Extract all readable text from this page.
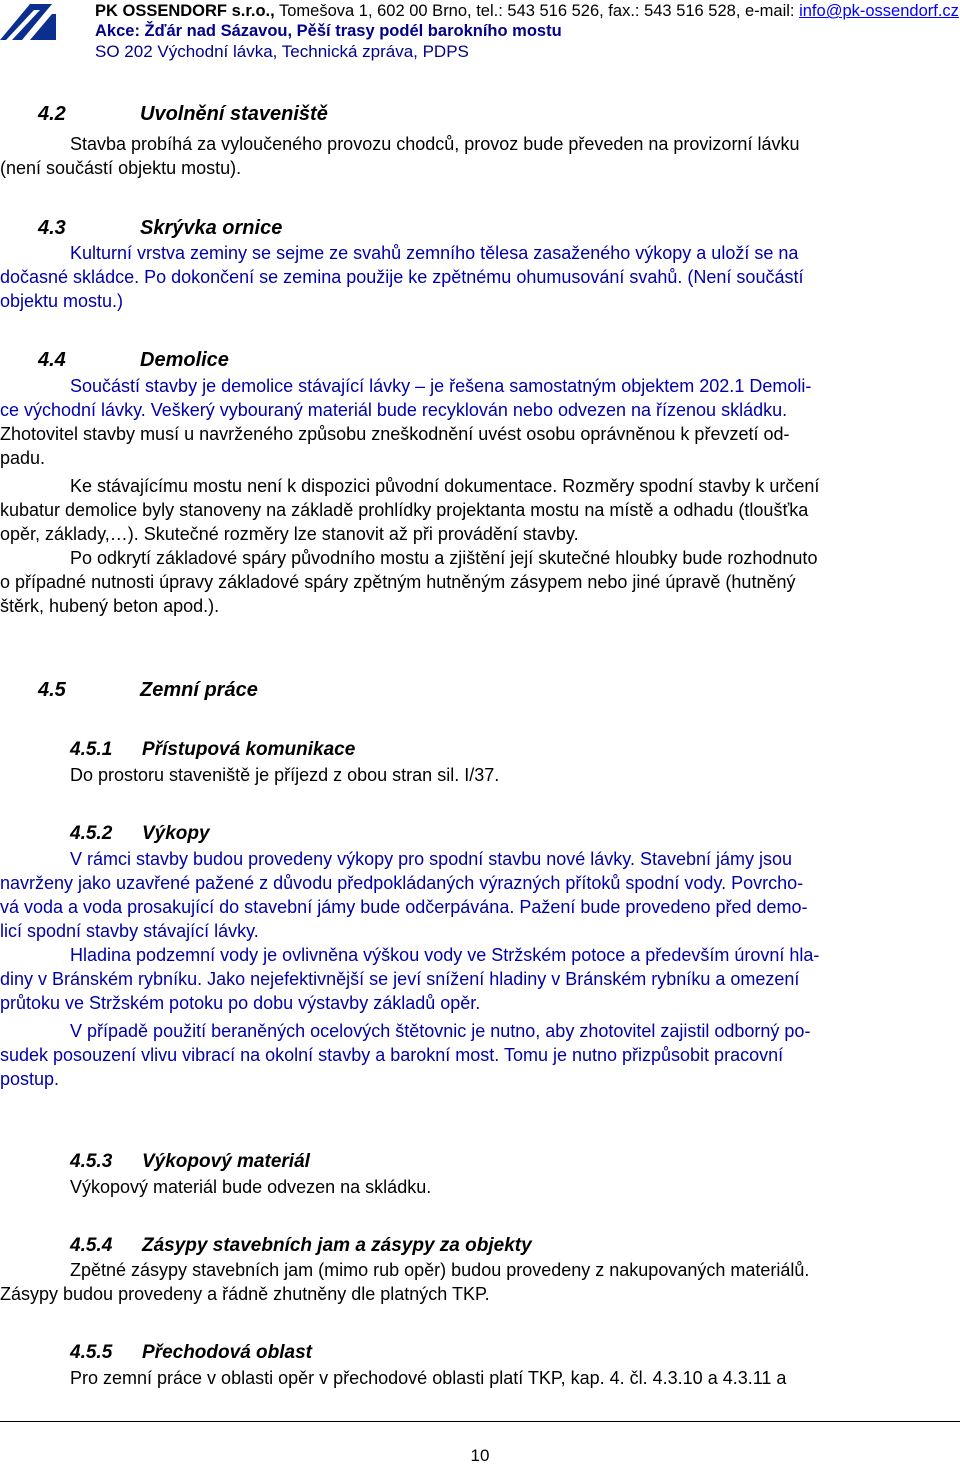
PK OSSENDORF s.r.o., Tomešova 1, 602 00 Brno, tel.: 543 516 526, fax.: 543 516 528, e-mail: info@pk-ossendorf.cz
Akce: Žďár nad Sázavou, Pěší trasy podél barokního mostu
SO 202 Východní lávka, Technická zpráva, PDPS
4.2	Uvolnění staveniště

Stavba probíhá za vyloučeného provozu chodců, provoz bude převeden na provizorní lávku

(není součástí objektu mostu).

4.3	Skrývka ornice

Kulturní vrstva zeminy se sejme ze svahů zemního tělesa zasaženého výkopy a uloží se na

dočasné skládce. Po dokončení se zemina použije ke zpětnému ohumusování svahů. (Není součástí

objektu mostu.)

4.4	Demolice

Součástí stavby je demolice stávající lávky – je řešena samostatným objektem 202.1 Demoli-

ce východní lávky. Veškerý vybouraný materiál bude recyklován nebo odvezen na řízenou skládku.

Zhotovitel stavby musí u navrženého způsobu zneškodnění uvést osobu oprávněnou k převzetí od-

padu.

Ke stávajícímu mostu není k dispozici původní dokumentace. Rozměry spodní stavby k určení

kubatur demolice byly stanoveny na základě prohlídky projektanta mostu na místě a odhadu (tloušťka

opěr, základy,…). Skutečné rozměry lze stanovit až při provádění stavby.

Po odkrytí základové spáry původního mostu a zjištění její skutečné hloubky bude rozhodnuto

o případné nutnosti úpravy základové spáry zpětným hutněným zásypem nebo jiné úpravě (hutněný

štěrk, hubený beton apod.).

4.5	Zemní práce
4.5.1 Přístupová komunikace

Do prostoru staveniště je příjezd z obou stran sil. I/37.

4.5.2 Výkopy

V rámci stavby budou provedeny výkopy pro spodní stavbu nové lávky. Stavební jámy jsou

navrženy jako uzavřené pažené z důvodu předpokládaných výrazných přítoků spodní vody. Povrcho-

vá voda a voda prosakující do stavební jámy bude odčerpávána. Pažení bude provedeno před demo-

licí spodní stavby stávající lávky.

Hladina podzemní vody je ovlivněna výškou vody ve Stržském potoce a především úrovní hla-

diny v Bránském rybníku. Jako nejefektivnější se jeví snížení hladiny v Bránském rybníku a omezení

průtoku ve Stržském potoku po dobu výstavby základů opěr.

V případě použití beraněných ocelových štětovnic je nutno, aby zhotovitel zajistil odborný po-

sudek posouzení vlivu vibrací na okolní stavby a barokní most. Tomu je nutno přizpůsobit pracovní

postup.

4.5.3 Výkopový materiál

Výkopový materiál bude odvezen na skládku.

4.5.4 Zásypy stavebních jam a zásypy za objekty

Zpětné zásypy stavebních jam (mimo rub opěr) budou provedeny z nakupovaných materiálů.

Zásypy budou provedeny a řádně zhutněny dle platných TKP.

4.5.5 Přechodová oblast

Pro zemní práce v oblasti opěr v přechodové oblasti platí TKP, kap. 4. čl. 4.3.10 a 4.3.11 a

10
